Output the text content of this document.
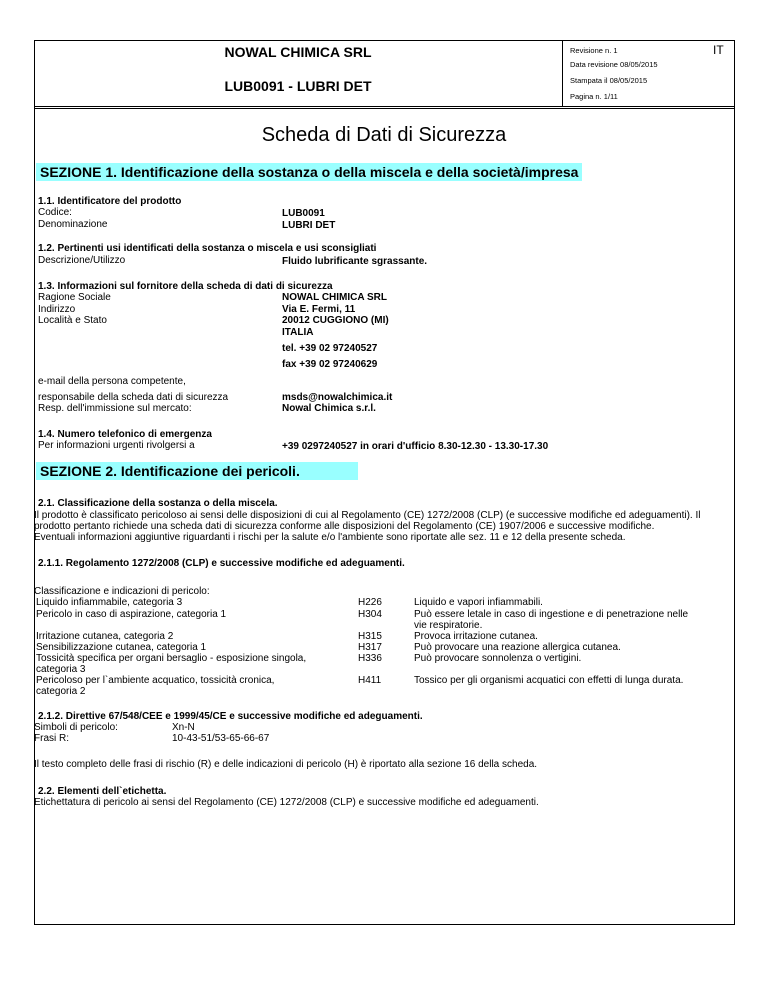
NOWAL CHIMICA SRL
LUB0091 - LUBRI DET
Revisione n. 1
Data revisione 08/05/2015
Stampata il 08/05/2015
Pagina n. 1/11
IT
Scheda di Dati di Sicurezza
SEZIONE 1. Identificazione della sostanza o della miscela e della società/impresa
1.1. Identificatore del prodotto
Codice:	LUB0091
Denominazione	LUBRI DET
1.2. Pertinenti usi identificati della sostanza o miscela e usi sconsigliati
Descrizione/Utilizzo	Fluido lubrificante sgrassante.
1.3. Informazioni sul fornitore della scheda di dati di sicurezza
Ragione Sociale	NOWAL CHIMICA SRL
Indirizzo	Via E. Fermi, 11
Località e Stato	20012 CUGGIONO (MI)
ITALIA
tel. +39 02 97240527
fax +39 02 97240629
e-mail della persona competente,
responsabile della scheda dati di sicurezza	msds@nowalchimica.it
Resp. dell'immissione sul mercato:	Nowal Chimica s.r.l.
1.4. Numero telefonico di emergenza
Per informazioni urgenti rivolgersi a	+39 0297240527 in orari d'ufficio 8.30-12.30 - 13.30-17.30
SEZIONE 2. Identificazione dei pericoli.
2.1. Classificazione della sostanza o della miscela.
Il prodotto è classificato pericoloso ai sensi delle disposizioni di cui al Regolamento (CE) 1272/2008 (CLP) (e successive modifiche ed adeguamenti). Il
prodotto pertanto richiede una scheda dati di sicurezza conforme alle disposizioni del Regolamento (CE) 1907/2006 e successive modifiche.
Eventuali informazioni aggiuntive riguardanti i rischi per la salute e/o l'ambiente sono riportate alle sez. 11 e 12 della presente scheda.
2.1.1. Regolamento 1272/2008 (CLP) e successive modifiche ed adeguamenti.
Classificazione e indicazioni di pericolo:
Liquido infiammabile, categoria 3	H226	Liquido e vapori infiammabili.
Pericolo in caso di aspirazione, categoria 1	H304	Può essere letale in caso di ingestione e di penetrazione nelle
vie respiratorie.
Irritazione cutanea, categoria 2	H315	Provoca irritazione cutanea.
Sensibilizzazione cutanea, categoria 1	H317	Può provocare una reazione allergica cutanea.
Tossicità specifica per organi bersaglio - esposizione singola,
categoria 3
H336	Può provocare sonnolenza o vertigini.
Pericoloso per l`ambiente acquatico, tossicità cronica,
categoria 2
H411	Tossico per gli organismi acquatici con effetti di lunga durata.
2.1.2. Direttive 67/548/CEE e 1999/45/CE e successive modifiche ed adeguamenti.
Simboli di pericolo:	Xn-N
Frasi R:	10-43-51/53-65-66-67
Il testo completo delle frasi di rischio (R) e delle indicazioni di pericolo (H) è riportato alla sezione 16 della scheda.
2.2. Elementi dell`etichetta.
Etichettatura di pericolo ai sensi del Regolamento (CE) 1272/2008 (CLP) e successive modifiche ed adeguamenti.
